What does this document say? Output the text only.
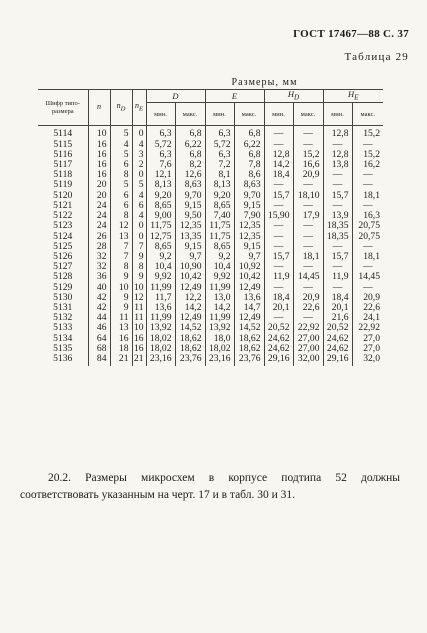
ГОСТ 17467—88 С. 37
Таблица 29
				Размеры, мм							
Шифр типо-размера	n	$n_D$	$n_E$	D		E		$H_D$		$H_E$
				мин.	макс.	мин.	макс.	мин.	макс.	мин.	макс.
5114	10	5	0	6,3	6,8	6,3	6,8	—	—	12,8	15,2
5115	16	4	4	5,72	6,22	5,72	6,22	—	—	—	—
5116	16	5	3	6,3	6,8	6,3	6,8	12,8	15,2	12,8	15,2
5117	16	6	2	7,6	8,2	7,2	7,8	14,2	16,6	13,8	16,2
5118	16	8	0	12,1	12,6	8,1	8,6	18,4	20,9	—	—
5119	20	5	5	8,13	8,63	8,13	8,63	—	—	—	—
5120	20	6	4	9,20	9,70	9,20	9,70	15,7	18,10	15,7	18,1
5121	24	6	6	8,65	9,15	8,65	9,15	—	—	—	—
5122	24	8	4	9,00	9,50	7,40	7,90	15,90	17,9	13,9	16,3
5123	24	12	0	11,75	12,35	11,75	12,35	—	—	18,35	20,75
5124	26	13	0	12,75	13,35	11,75	12,35	—	—	18,35	20,75
5125	28	7	7	8,65	9,15	8,65	9,15	—	—	—	—
5126	32	7	9	9,2	9,7	9,2	9,7	15,7	18,1	15,7	18,1
5127	32	8	8	10,4	10,90	10,4	10,92	—	—	—	—
5128	36	9	9	9,92	10,42	9,92	10,42	11,9	14,45	11,9	14,45
5129	40	10	10	11,99	12,49	11,99	12,49	—	—	—	—
5130	42	9	12	11,7	12,2	13,0	13,6	18,4	20,9	18,4	20,9
5131	42	9	11	13,6	14,2	14,2	14,7	20,1	22,6	20,1	22,6
5132	44	11	11	11,99	12,49	11,99	12,49	—	—	21,6	24,1
5133	46	13	10	13,92	14,52	13,92	14,52	20,52	22,92	20,52	22,92
5134	64	16	16	18,02	18,62	18,0	18,62	24,62	27,00	24,62	27,0
5135	68	18	16	18,02	18,62	18,02	18,62	24,62	27,00	24,62	27,0
5136	84	21	21	23,16	23,76	23,16	23,76	29,16	32,00	29,16	32,0

20.2. Размеры микросхем в корпусе подтипа 52 должны соответствовать указанным на черт. 17 и в табл. 30 и 31.
